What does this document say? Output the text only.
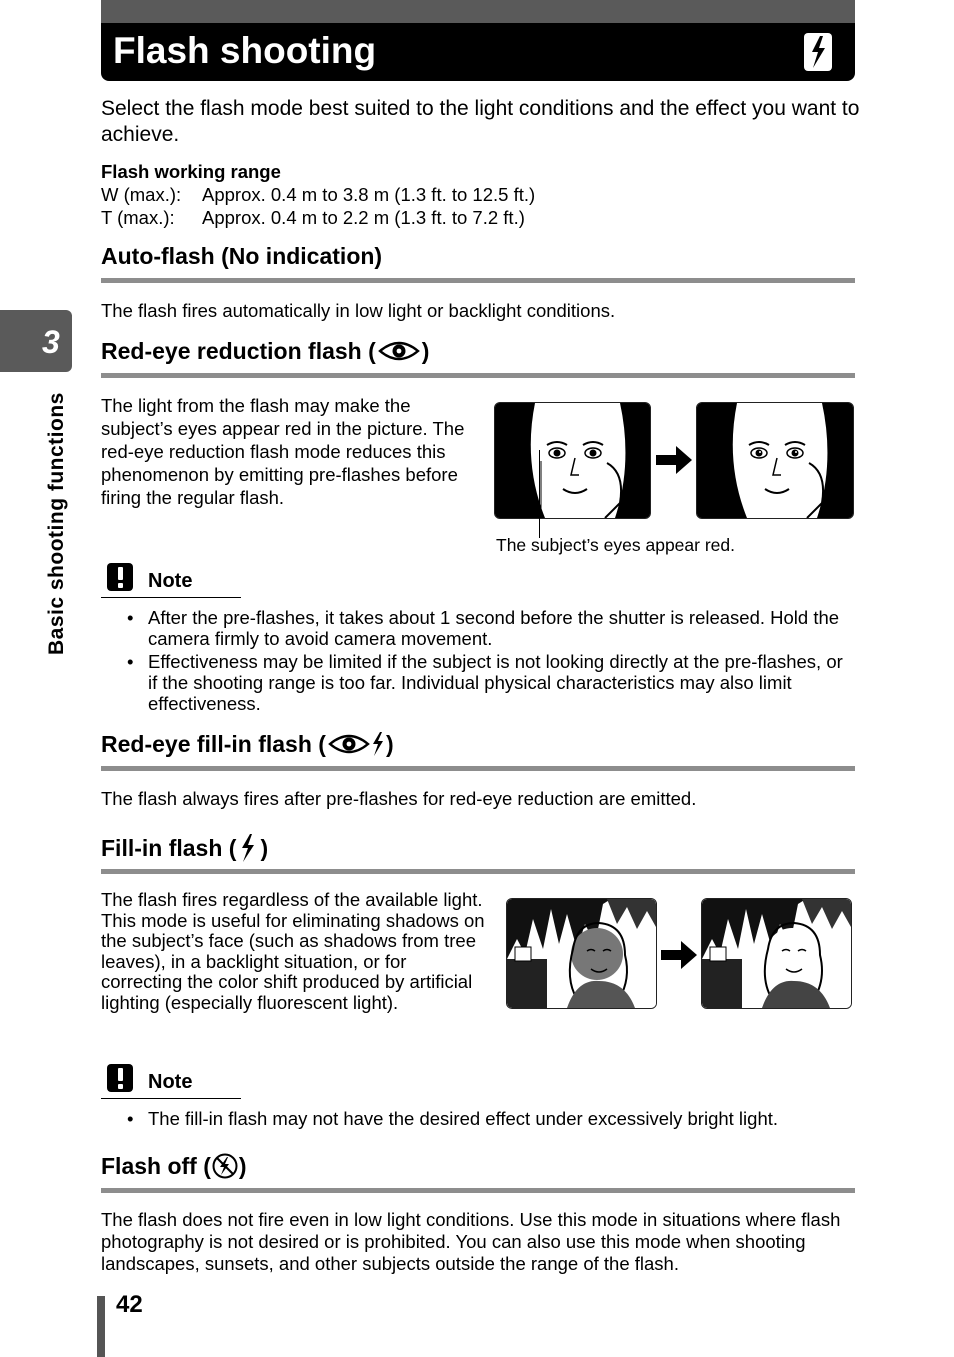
Flash shooting
3
Basic shooting functions
Select the flash mode best suited to the light conditions and the effect you want to achieve.
Flash working range
W (max.): Approx. 0.4 m to 3.8 m (1.3 ft. to 12.5 ft.)
T (max.): Approx. 0.4 m to 2.2 m (1.3 ft. to 7.2 ft.)
Auto-flash (No indication)
The flash fires automatically in low light or backlight conditions.
Red-eye reduction flash ( )
The light from the flash may make the subject’s eyes appear red in the picture. The red-eye reduction flash mode reduces this phenomenon by emitting pre-flashes before firing the regular flash.
The subject’s eyes appear red.
Note
• After the pre-flashes, it takes about 1 second before the shutter is released. Hold the camera firmly to avoid camera movement.
• Effectiveness may be limited if the subject is not looking directly at the pre-flashes, or if the shooting range is too far. Individual physical characteristics may also limit effectiveness.
Red-eye fill-in flash (	)
The flash always fires after pre-flashes for red-eye reduction are emitted.
Fill-in flash ( )
The flash fires regardless of the available light. This mode is useful for eliminating shadows on the subject’s face (such as shadows from tree leaves), in a backlight situation, or for correcting the color shift produced by artificial lighting (especially fluorescent light).
Note
• The fill-in flash may not have the desired effect under excessively bright light.
Flash off ( )
The flash does not fire even in low light conditions. Use this mode in situations where flash photography is not desired or is prohibited. You can also use this mode when shooting landscapes, sunsets, and other subjects outside the range of the flash.
42
